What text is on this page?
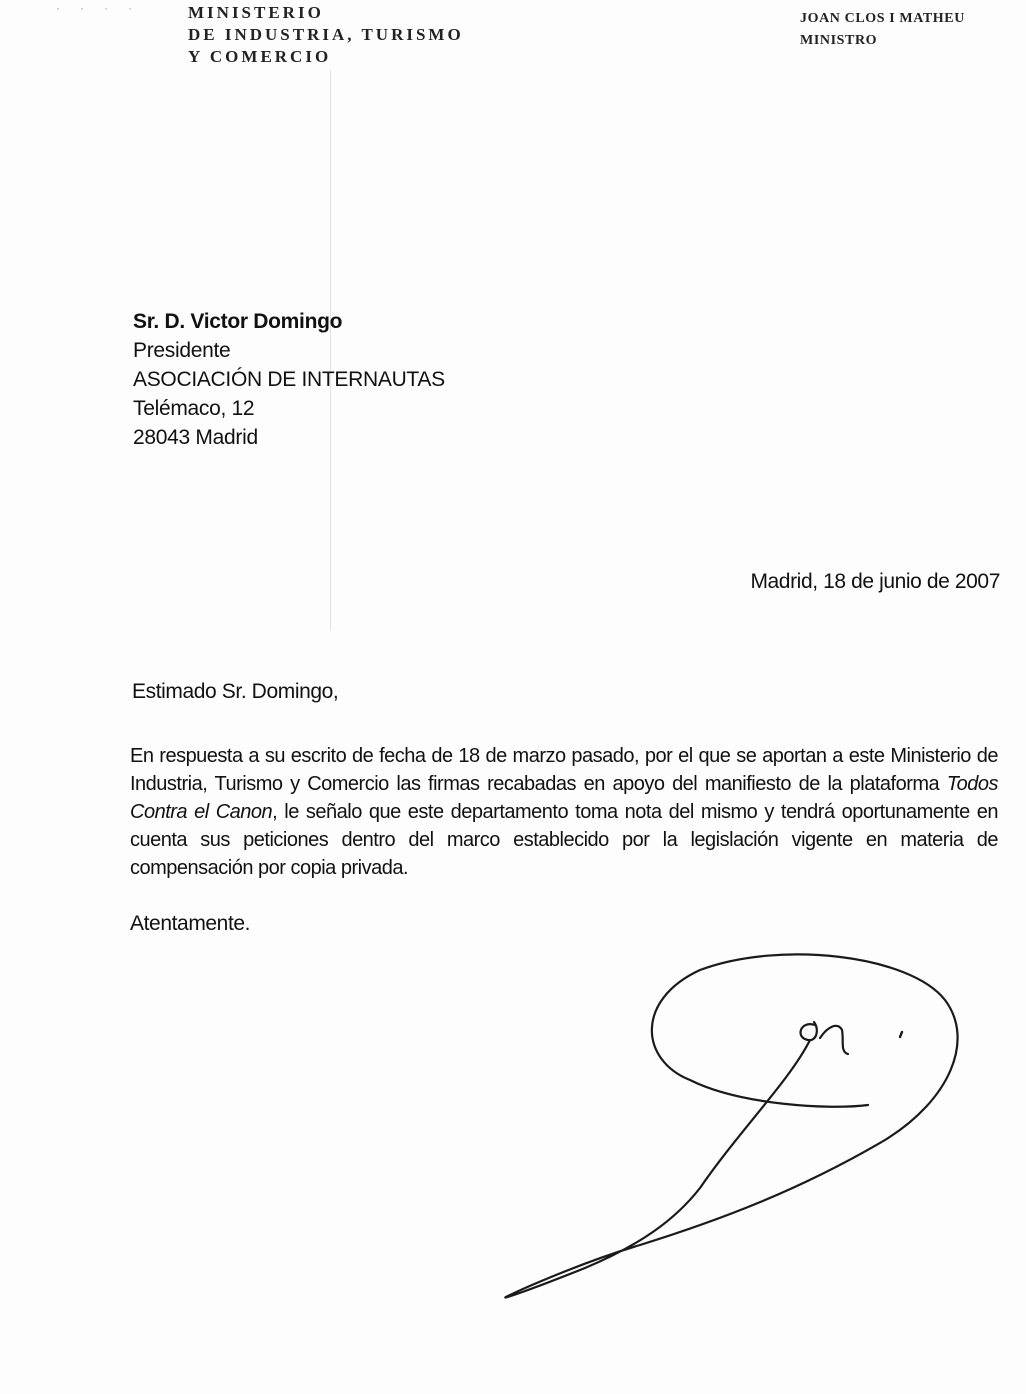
· · · ·	MINISTERIO
DE INDUSTRIA, TURISMO
Y COMERCIO
JOAN CLOS I MATHEU
MINISTRO
Sr. D. Victor Domingo
Presidente
ASOCIACIÓN DE INTERNAUTAS
Telémaco, 12
28043 Madrid
Madrid, 18 de junio de 2007
Estimado Sr. Domingo,
En respuesta a su escrito de fecha de 18 de marzo pasado, por el que se aportan a este Ministerio de Industria, Turismo y Comercio las firmas recabadas en apoyo del manifiesto de la plataforma Todos Contra el Canon, le señalo que este departamento toma nota del mismo y tendrá oportunamente en cuenta sus peticiones dentro del marco establecido por la legislación vigente en materia de compensación por copia privada.
Atentamente.
